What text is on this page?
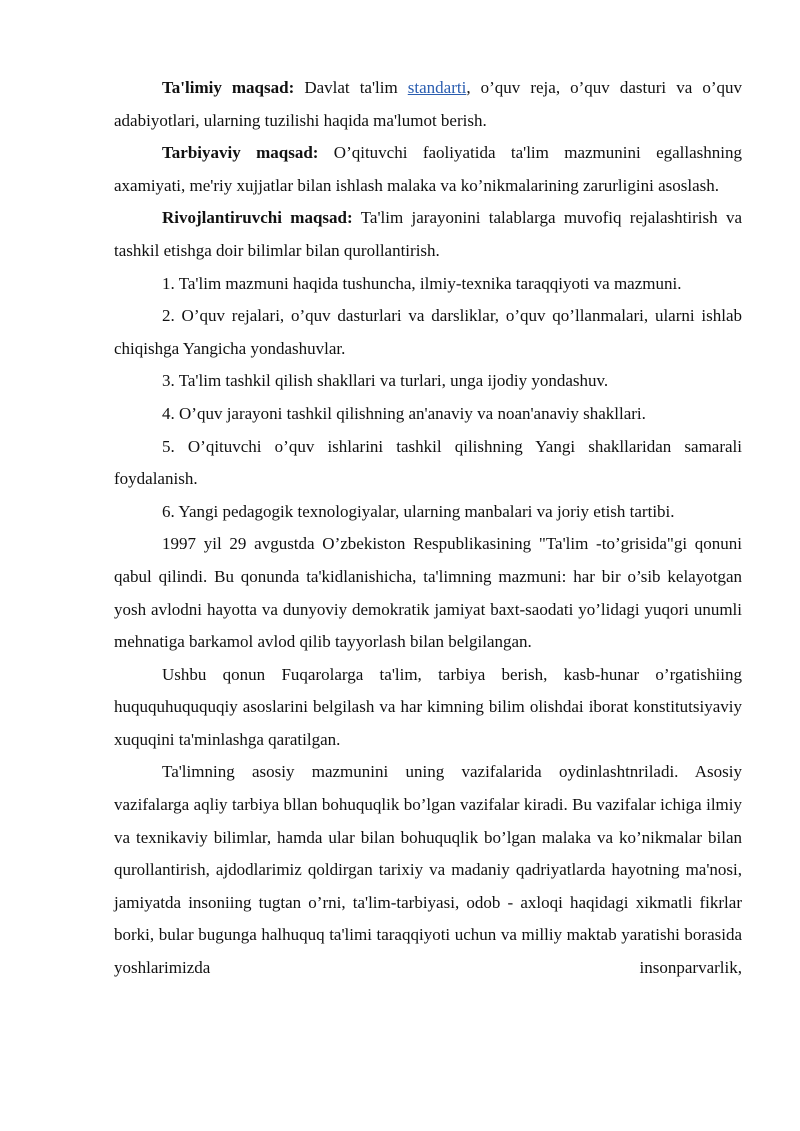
Ta'limiy maqsad: Davlat ta'lim standarti, o’quv reja, o’quv dasturi va o’quv adabiyotlari, ularning tuzilishi haqida ma'lumot berish.

Tarbiyaviy maqsad: O’qituvchi faoliyatida ta'lim mazmunini egallashning axamiyati, me'riy xujjatlar bilan ishlash malaka va ko’nikmalarining zarurligini asoslash.

Rivojlantiruvchi maqsad: Ta'lim jarayonini talablarga muvofiq rejalashtirish va tashkil etishga doir bilimlar bilan qurollantirish.

1. Ta'lim mazmuni haqida tushuncha, ilmiy-texnika taraqqiyoti va mazmuni.

2. O’quv rejalari, o’quv dasturlari va darsliklar, o’quv qo’llanmalari, ularni ishlab chiqishga Yangicha yondashuvlar.

3. Ta'lim tashkil qilish shakllari va turlari, unga ijodiy yondashuv.

4. O’quv jarayoni tashkil qilishning an'anaviy va noan'anaviy shakllari.

5. O’qituvchi o’quv ishlarini tashkil qilishning Yangi shakllaridan samarali foydalanish.

6. Yangi pedagogik texnologiyalar, ularning manbalari va joriy etish tartibi.

1997 yil 29 avgustda O’zbekiston Respublikasining "Ta'lim -to’grisida"gi qonuni qabul qilindi. Bu qonunda ta'kidlanishicha, ta'limning mazmuni: har bir o’sib kelayotgan yosh avlodni hayotta va dunyoviy demokratik jamiyat baxt-saodati yo’lidagi yuqori unumli mehnatiga barkamol avlod qilib tayyorlash bilan belgilangan.

Ushbu qonun Fuqarolarga ta'lim, tarbiya berish, kasb-hunar o’rgatishiing huququhuququqiy asoslarini belgilash va har kimning bilim olishdai iborat konstitutsiyaviy xuquqini ta'minlashga qaratilgan.

Ta'limning asosiy mazmunini uning vazifalarida oydinlashtnriladi. Asosiy vazifalarga aqliy tarbiya bllan bohuquqlik bo’lgan vazifalar kiradi. Bu vazifalar ichiga ilmiy va texnikaviy bilimlar, hamda ular bilan bohuquqlik bo’lgan malaka va ko’nikmalar bilan qurollantirish, ajdodlarimiz qoldirgan tarixiy va madaniy qadriyatlarda hayotning ma'nosi, jamiyatda insoniing tugtan o’rni, ta'lim-tarbiyasi, odob - axloqi haqidagi xikmatli fikrlar borki, bular bugunga halhuquq ta'limi taraqqiyoti uchun va milliy maktab yaratishi borasida yoshlarimizda insonparvarlik,
